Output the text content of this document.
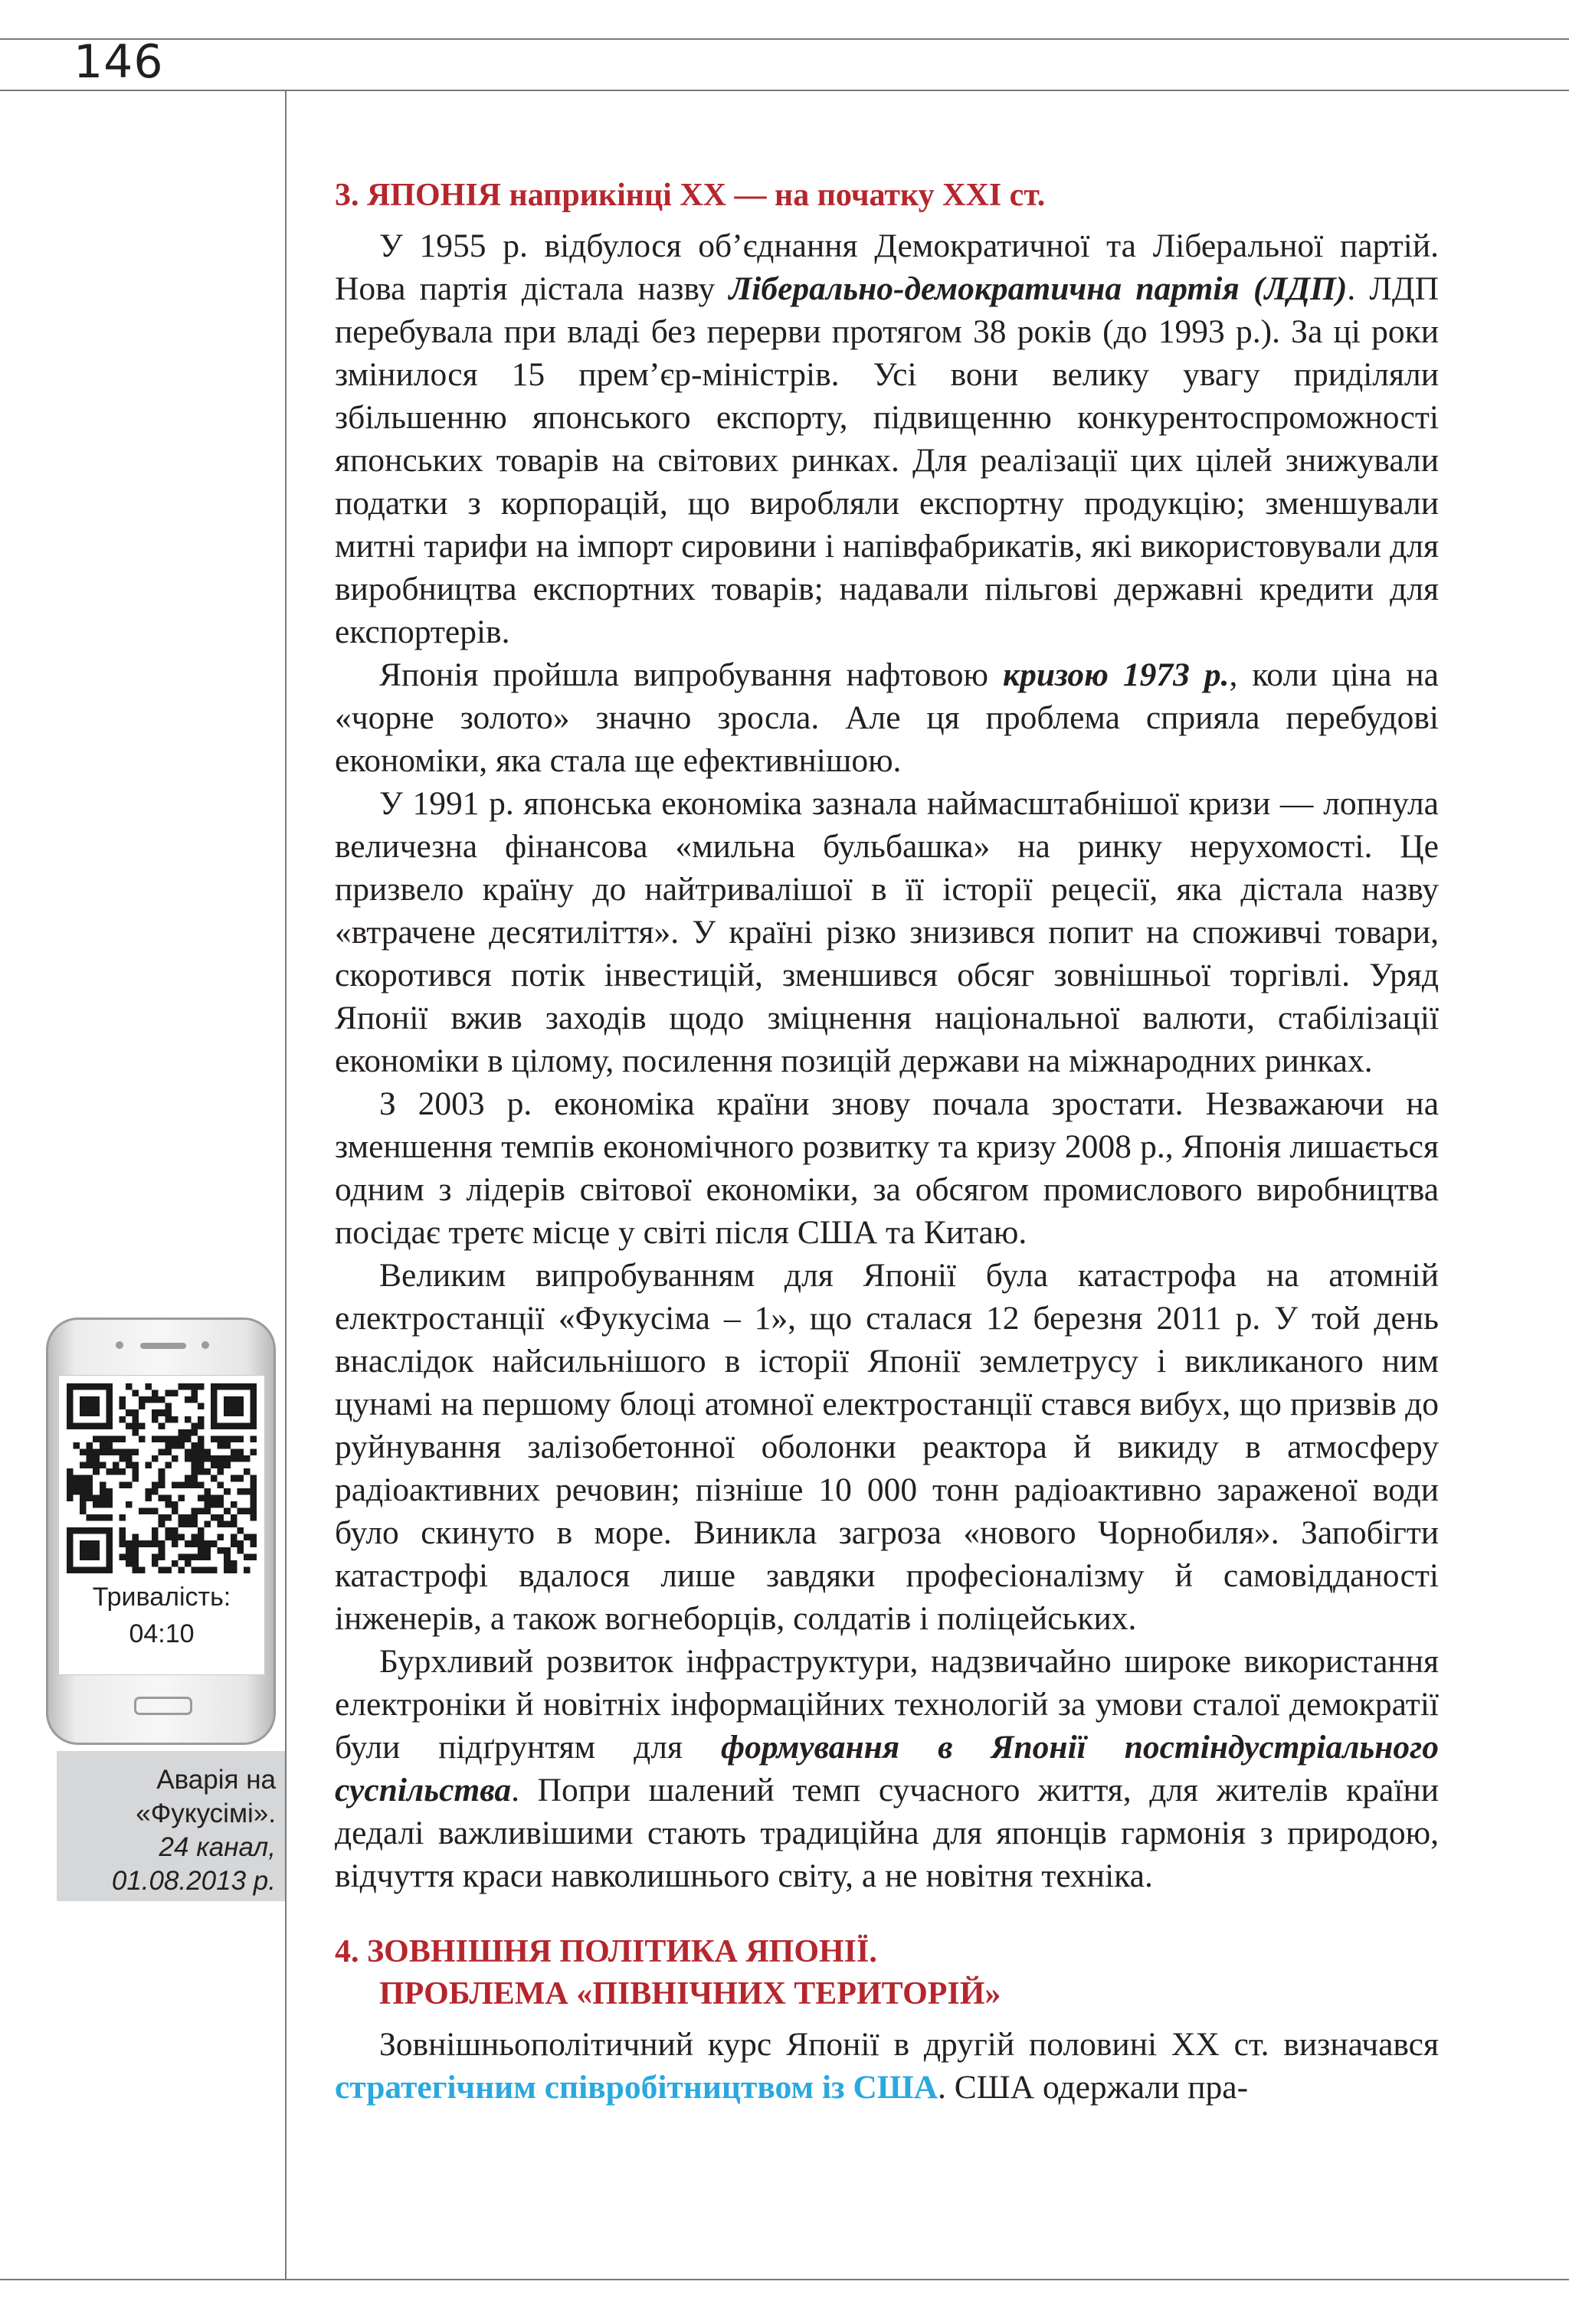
146
Тривалість:
04:10
Аварія на
«Фукусімі».
24 канал,
01.08.2013 р.
3. ЯПОНІЯ наприкінці XX — на початку XXI ст.

У 1955 р. відбулося об’єднання Демократичної та Ліберальної партій. Нова партія дістала назву Ліберально-демократична партія (ЛДП). ЛДП перебувала при владі без перерви протягом 38 років (до 1993 р.). За ці роки змінилося 15 прем’єр-міністрів. Усі вони велику увагу приділяли збільшенню японського експорту, підвищенню конкурентоспроможності японських товарів на світових ринках. Для реалізації цих цілей знижували податки з корпорацій, що виробляли експортну продукцію; зменшували митні тарифи на імпорт сировини і напівфабрикатів, які використовували для виробництва експортних товарів; надавали пільгові державні кредити для експортерів.

Японія пройшла випробування нафтовою кризою 1973 р., коли ціна на «чорне золото» значно зросла. Але ця проблема сприяла перебудові економіки, яка стала ще ефективнішою.

У 1991 р. японська економіка зазнала наймасштабнішої кризи — лопнула величезна фінансова «мильна бульбашка» на ринку нерухомості. Це призвело країну до найтривалішої в її історії рецесії, яка дістала назву «втрачене десятиліття». У країні різко знизився попит на споживчі товари, скоротився потік інвестицій, зменшився обсяг зовнішньої торгівлі. Уряд Японії вжив заходів щодо зміцнення національної валюти, стабілізації економіки в цілому, посилення позицій держави на міжнародних ринках.

З 2003 р. економіка країни знову почала зростати. Незважаючи на зменшення темпів економічного розвитку та кризу 2008 р., Японія лишається одним з лідерів світової економіки, за обсягом промислового виробництва посідає третє місце у світі після США та Китаю.

Великим випробуванням для Японії була катастрофа на атомній електростанції «Фукусіма – 1», що сталася 12 березня 2011 р. У той день внаслідок найсильнішого в історії Японії землетрусу і викликаного ним цунамі на першому блоці атомної електростанції стався вибух, що призвів до руйнування залізобетонної оболонки реактора й викиду в атмосферу радіоактивних речовин; пізніше 10 000 тонн радіоактивно зараженої води було скинуто в море. Виникла загроза «нового Чорнобиля». Запобігти катастрофі вдалося лише завдяки професіоналізму й самовідданості інженерів, а також вогнеборців, солдатів і поліцейських.

Бурхливий розвиток інфраструктури, надзвичайно широке використання електроніки й новітніх інформаційних технологій за умови сталої демократії були підґрунтям для формування в Японії постіндустріального суспільства. Попри шалений темп сучасного життя, для жителів країни дедалі важливішими стають традиційна для японців гармонія з природою, відчуття краси навколишнього світу, а не новітня техніка.

4. ЗОВНІШНЯ ПОЛІТИКА ЯПОНІЇ.
ПРОБЛЕМА «ПІВНІЧНИХ ТЕРИТОРІЙ»

Зовнішньополітичний курс Японії в другій половині XX ст. визначався стратегічним співробітництвом із США. США одержали пра-
